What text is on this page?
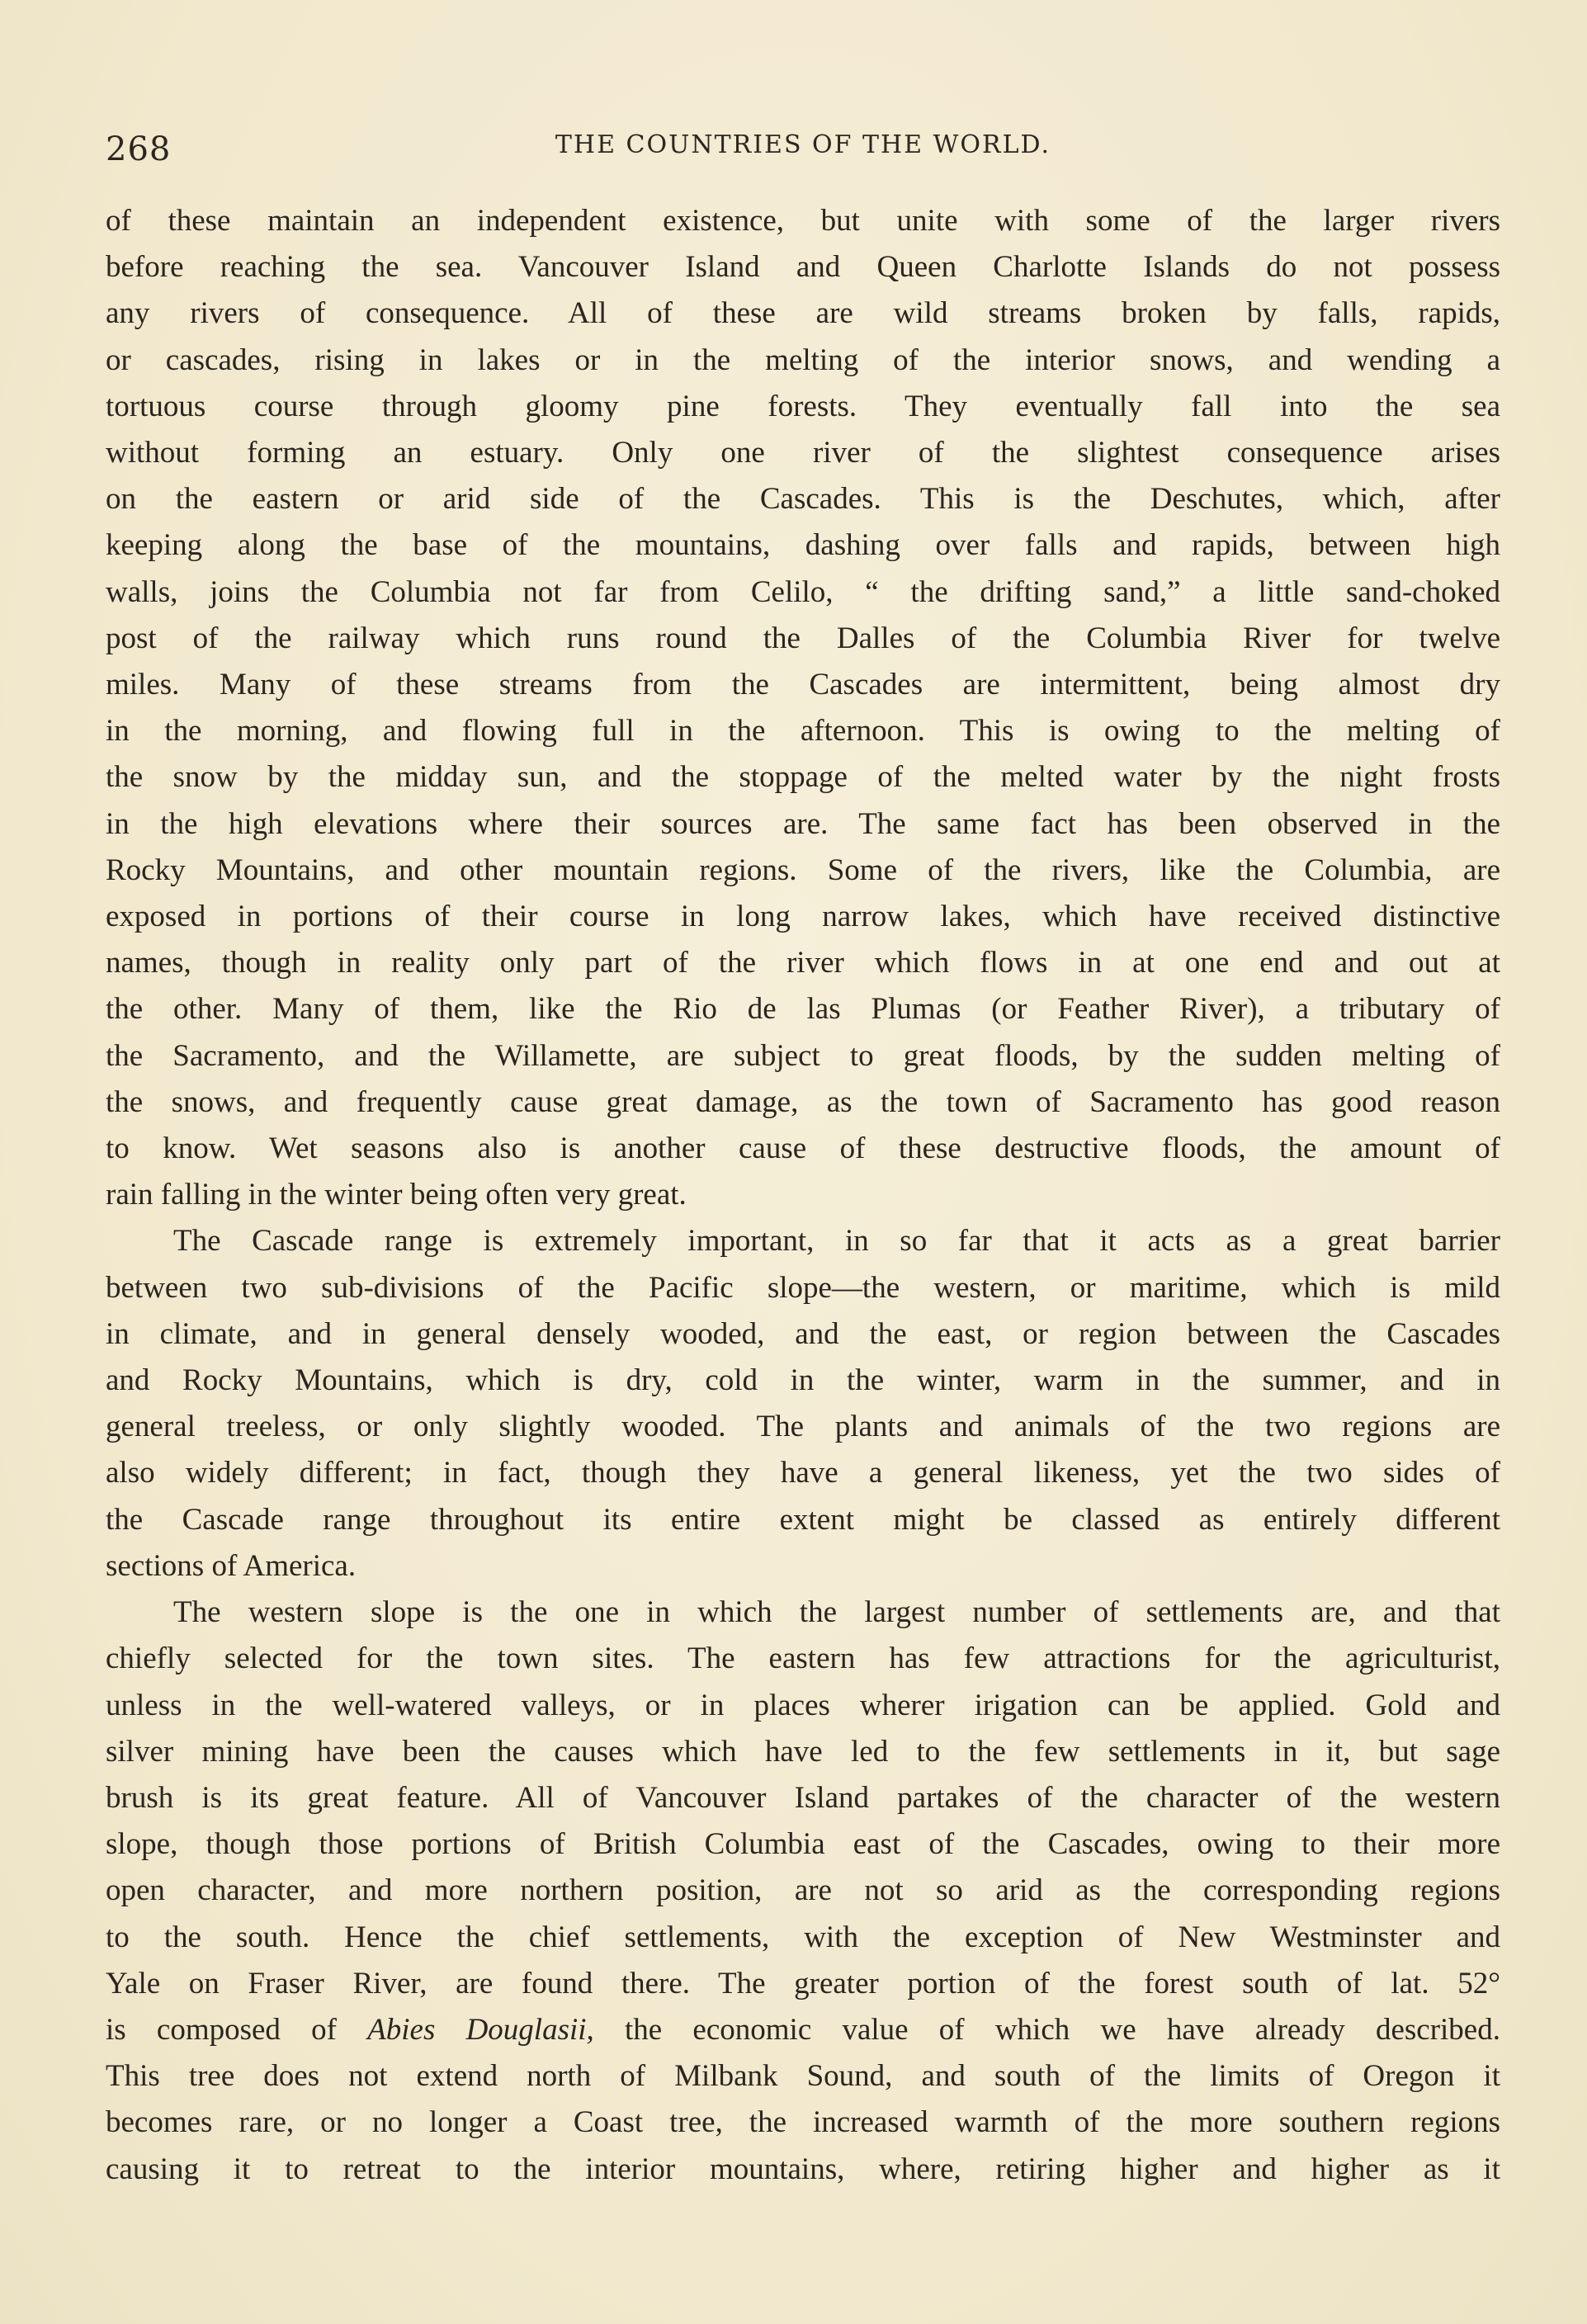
268	THE COUNTRIES OF THE WORLD.
of these maintain an independent existence, but unite with some of the larger rivers
before reaching the sea. Vancouver Island and Queen Charlotte Islands do not possess
any rivers of consequence. All of these are wild streams broken by falls, rapids,
or cascades, rising in lakes or in the melting of the interior snows, and wending a
tortuous course through gloomy pine forests. They eventually fall into the sea
without forming an estuary. Only one river of the slightest consequence arises
on the eastern or arid side of the Cascades. This is the Deschutes, which, after
keeping along the base of the mountains, dashing over falls and rapids, between high
walls, joins the Columbia not far from Celilo, “ the drifting sand,” a little sand-choked
post of the railway which runs round the Dalles of the Columbia River for twelve
miles. Many of these streams from the Cascades are intermittent, being almost dry
in the morning, and flowing full in the afternoon. This is owing to the melting of
the snow by the midday sun, and the stoppage of the melted water by the night frosts
in the high elevations where their sources are. The same fact has been observed in the
Rocky Mountains, and other mountain regions. Some of the rivers, like the Columbia, are
exposed in portions of their course in long narrow lakes, which have received distinctive
names, though in reality only part of the river which flows in at one end and out at
the other. Many of them, like the Rio de las Plumas (or Feather River), a tributary of
the Sacramento, and the Willamette, are subject to great floods, by the sudden melting of
the snows, and frequently cause great damage, as the town of Sacramento has good reason
to know. Wet seasons also is another cause of these destructive floods, the amount of
rain falling in the winter being often very great.
The Cascade range is extremely important, in so far that it acts as a great barrier
between two sub-divisions of the Pacific slope—the western, or maritime, which is mild
in climate, and in general densely wooded, and the east, or region between the Cascades
and Rocky Mountains, which is dry, cold in the winter, warm in the summer, and in
general treeless, or only slightly wooded. The plants and animals of the two regions are
also widely different; in fact, though they have a general likeness, yet the two sides of
the Cascade range throughout its entire extent might be classed as entirely different
sections of America.
The western slope is the one in which the largest number of settlements are, and that
chiefly selected for the town sites. The eastern has few attractions for the agriculturist,
unless in the well-watered valleys, or in places wherer irigation can be applied. Gold and
silver mining have been the causes which have led to the few settlements in it, but sage
brush is its great feature. All of Vancouver Island partakes of the character of the western
slope, though those portions of British Columbia east of the Cascades, owing to their more
open character, and more northern position, are not so arid as the corresponding regions
to the south. Hence the chief settlements, with the exception of New Westminster and
Yale on Fraser River, are found there. The greater portion of the forest south of lat. 52°
is composed of Abies Douglasii, the economic value of which we have already described.
This tree does not extend north of Milbank Sound, and south of the limits of Oregon it
becomes rare, or no longer a Coast tree, the increased warmth of the more southern regions
causing it to retreat to the interior mountains, where, retiring higher and higher as it
